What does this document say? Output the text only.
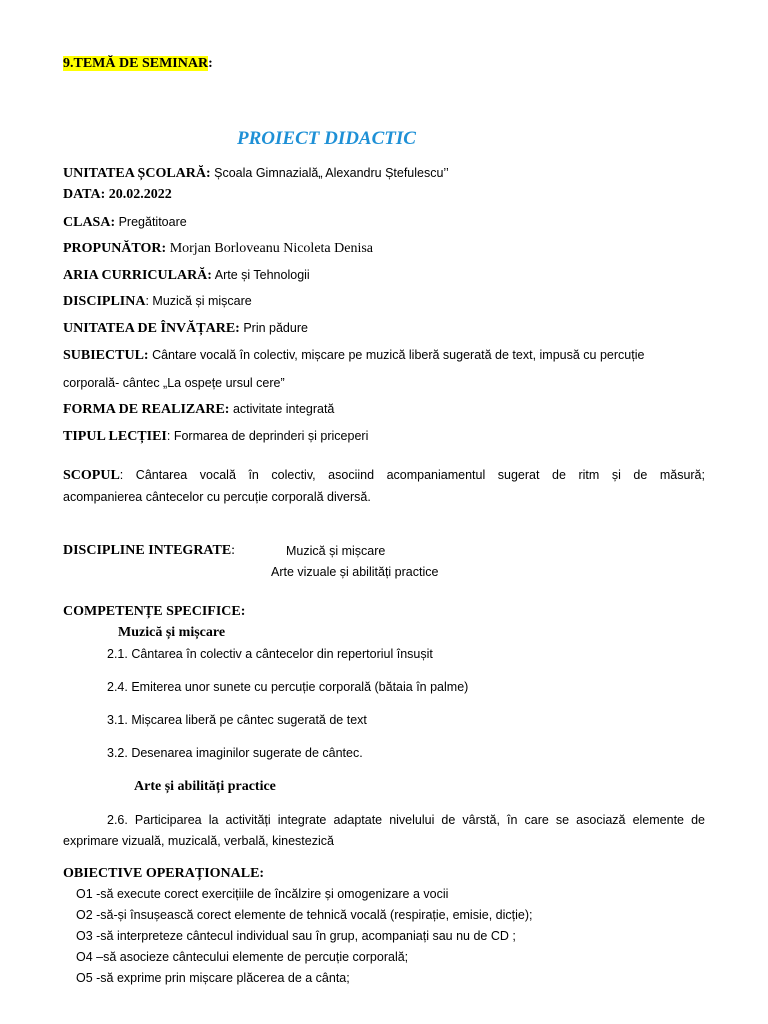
9.TEMĂ DE SEMINAR:
PROIECT DIDACTIC
UNITATEA ȘCOLARĂ: Școala Gimnazială„ Alexandru Ștefulescu’’
DATA: 20.02.2022
CLASA: Pregătitoare
PROPUNĂTOR: Morjan Borloveanu Nicoleta Denisa
ARIA CURRICULARĂ: Arte și Tehnologii
DISCIPLINA: Muzică și mișcare
UNITATEA DE ÎNVĂȚARE: Prin pădure
SUBIECTUL: Cântare vocală în colectiv, mișcare pe muzică liberă sugerată de text, impusă cu percuție
corporală- cântec „La ospețe ursul cere”
FORMA DE REALIZARE: activitate integrată
TIPUL LECȚIEI: Formarea de deprinderi și priceperi
SCOPUL: Cântarea vocală în colectiv, asociind acompaniamentul sugerat de ritm și de măsură;
acompanierea cântecelor cu percuție corporală diversă.
DISCIPLINE INTEGRATE:	Muzică și mișcare
Arte vizuale și abilități practice
COMPETENȚE SPECIFICE:
Muzică și mișcare
2.1. Cântarea în colectiv a cântecelor din repertoriul însușit
2.4. Emiterea unor sunete cu percuție corporală (bătaia în palme)
3.1. Mișcarea liberă pe cântec sugerată de text
3.2. Desenarea imaginilor sugerate de cântec.
Arte și abilități practice
2.6. Participarea la activități integrate adaptate nivelului de vârstă, în care se asociază elemente de
exprimare vizuală, muzicală, verbală, kinestezică
OBIECTIVE OPERAȚIONALE:
O1 -să execute corect exercițiile de încălzire și omogenizare a vocii
O2 -să-și însușească corect elemente de tehnică vocală (respirație, emisie, dicție);
O3 -să interpreteze cântecul individual sau în grup, acompaniați sau nu de CD ;
O4 –să asocieze cântecului elemente de percuție corporală;
O5 -să exprime prin mișcare plăcerea de a cânta;
